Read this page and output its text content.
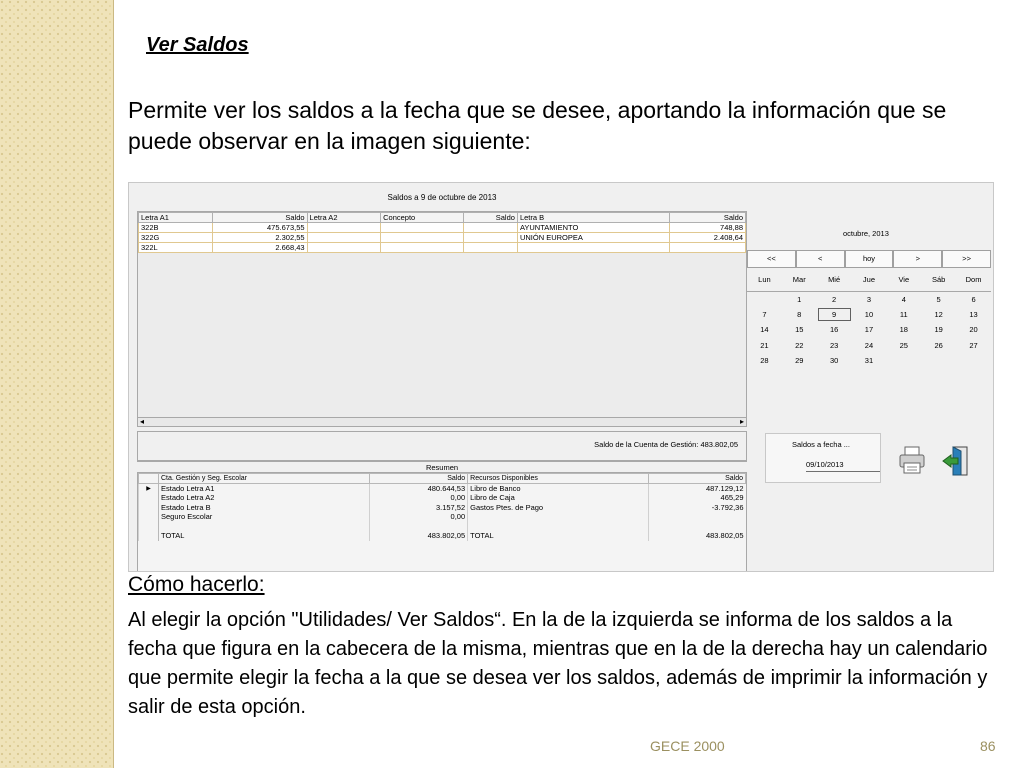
Ver Saldos
Permite ver los saldos a la fecha que se desee, aportando la información que se puede observar en la imagen siguiente:
Saldos a 9 de octubre de 2013
Letra A1	Saldo	Letra A2	Concepto	Saldo	Letra B	Saldo
322B	475.673,55				AYUNTAMIENTO	748,88
322G	2.302,55				UNIÓN EUROPEA	2.408,64
322L	2.668,43					
◂	▸
Saldo de la Cuenta de Gestión: 483.802,05
Resumen
	Cta. Gestión y Seg. Escolar	Saldo	Recursos Disponibles	Saldo
▶	Estado Letra A1	480.644,53	Libro de Banco	487.129,12
	Estado Letra A2	0,00	Libro de Caja	465,29
	Estado Letra B	3.157,52	Gastos Ptes. de Pago	-3.792,36
	Seguro Escolar	0,00		

	TOTAL	483.802,05	TOTAL	483.802,05
octubre, 2013
<<	<	hoy	>	>>
Lun	Mar	Mié	Jue	Vie	Sáb	Dom
	1	2	3	4	5	6
7	8	9	10	11	12	13
14	15	16	17	18	19	20
21	22	23	24	25	26	27
28	29	30	31			
Saldos a fecha ...
09/10/2013
Cómo hacerlo:
Al elegir la opción "Utilidades/ Ver Saldos“. En la de la izquierda se informa de los saldos a la fecha que figura en la cabecera de la misma, mientras que en la de la derecha hay un calendario que permite elegir la fecha a la que se desea ver los saldos, además de imprimir la información y salir de esta opción.
GECE 2000	86
